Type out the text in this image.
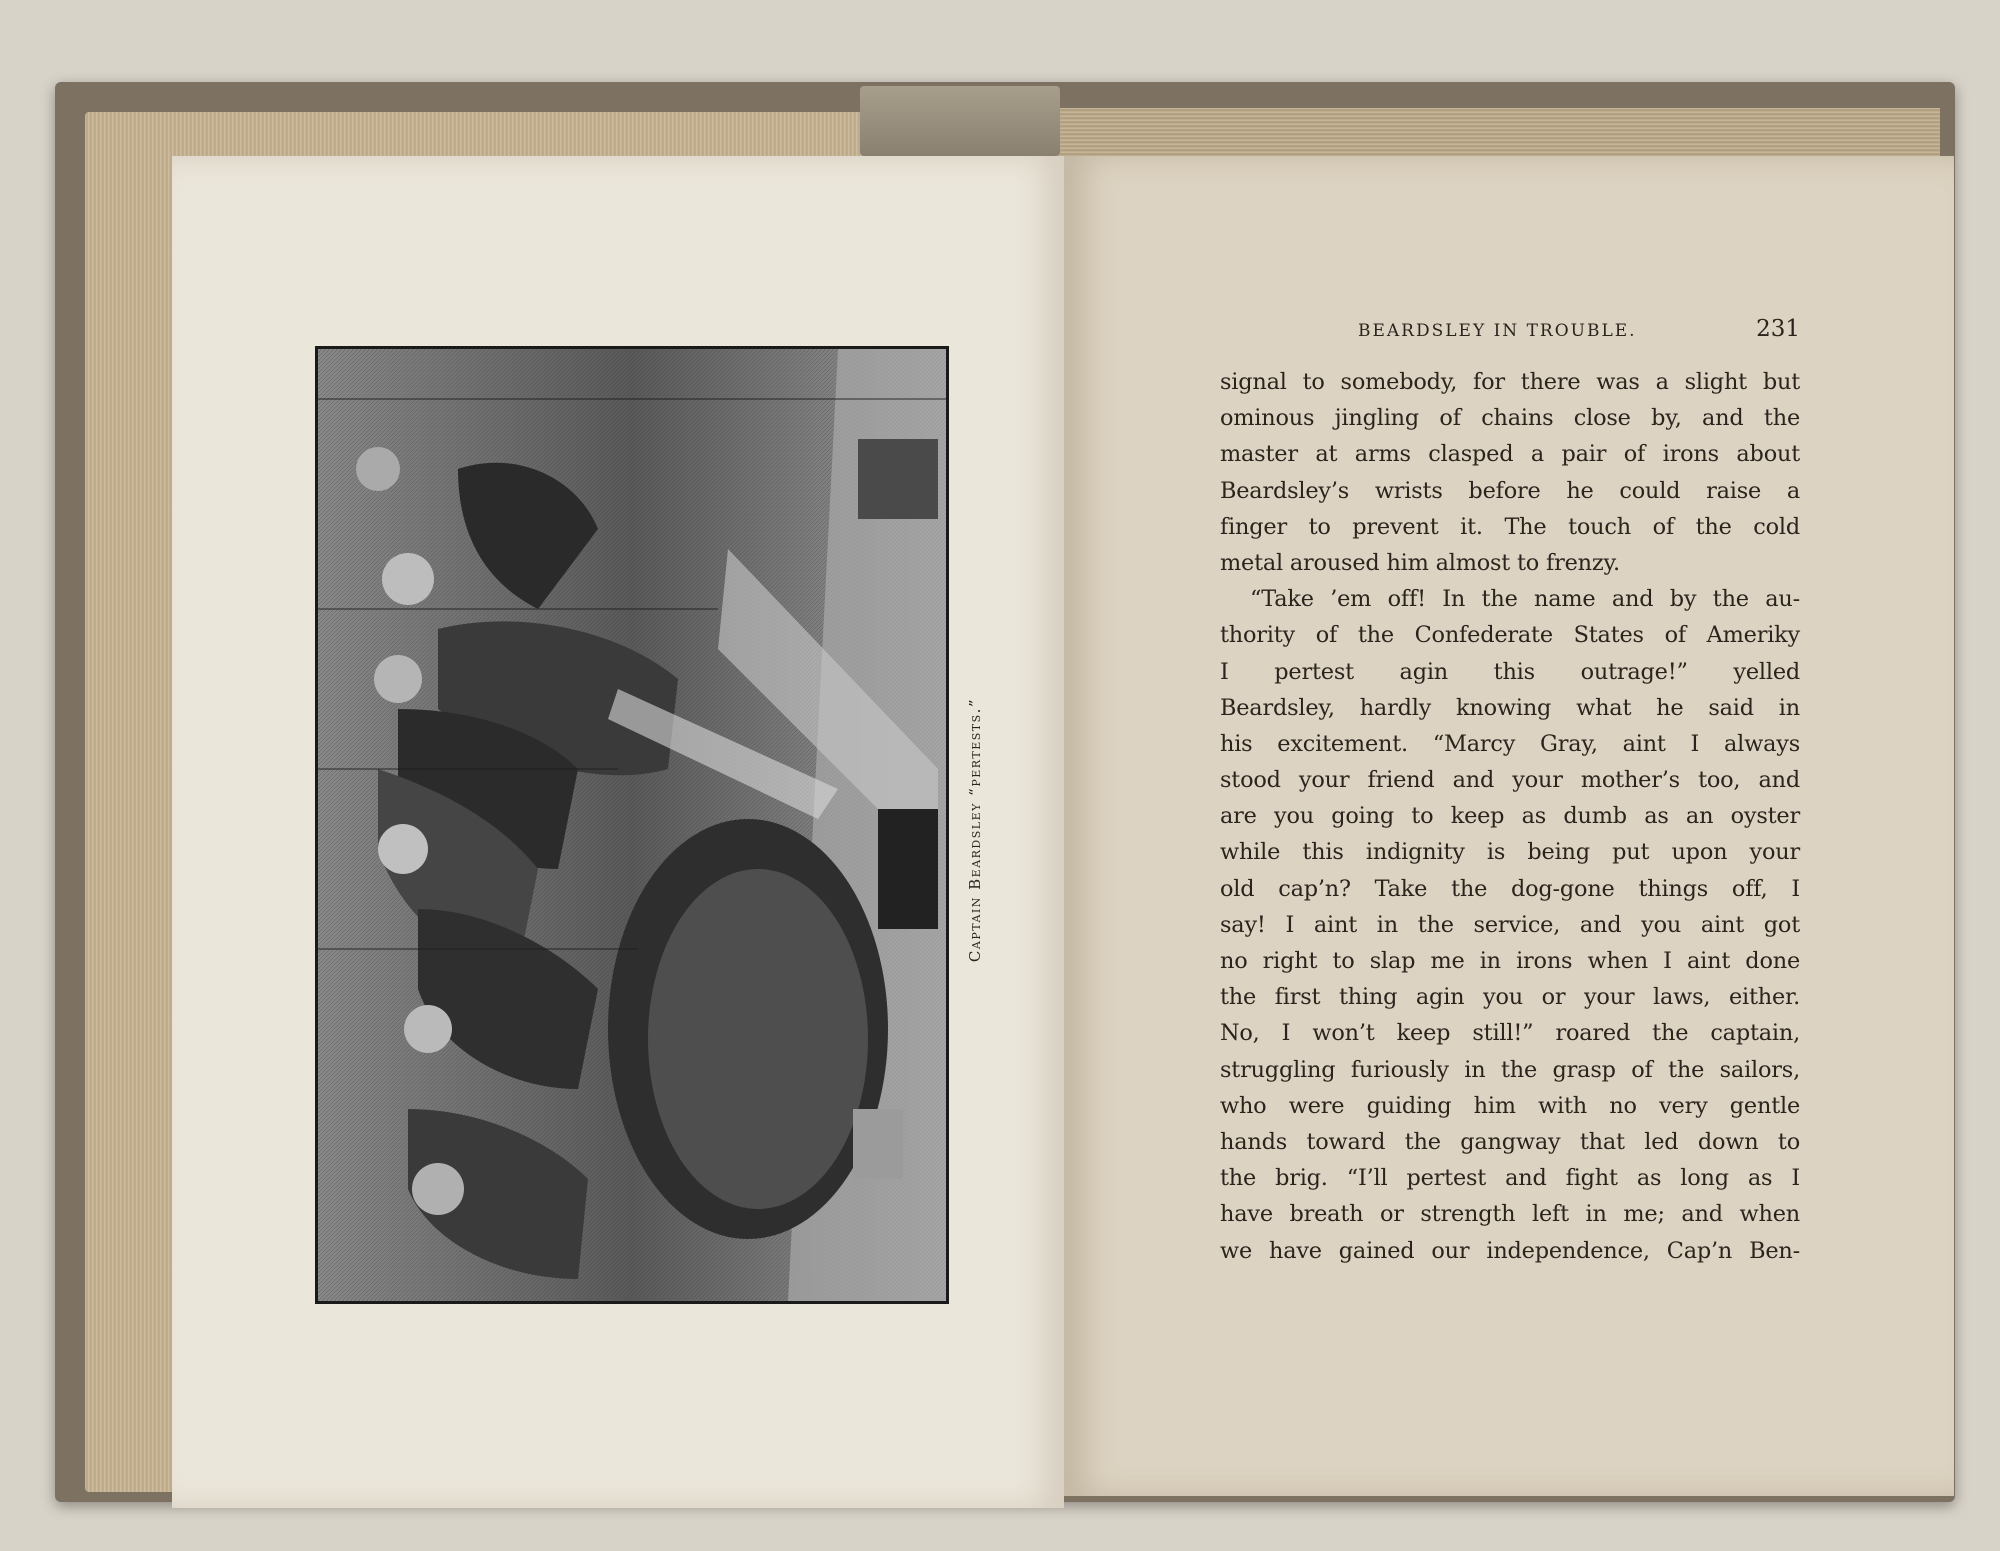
Captain Beardsley “pertests.”
BEARDSLEY IN TROUBLE.	231
signal to somebody, for there was a slight but
ominous jingling of chains close by, and the
master at arms clasped a pair of irons about
Beardsley’s wrists before he could raise a
finger to prevent it. The touch of the cold
metal aroused him almost to frenzy.
“Take ’em off! In the name and by the au-
thority of the Confederate States of Ameriky
I pertest agin this outrage!” yelled
Beardsley, hardly knowing what he said in
his excitement. “Marcy Gray, aint I always
stood your friend and your mother’s too, and
are you going to keep as dumb as an oyster
while this indignity is being put upon your
old cap’n? Take the dog-gone things off, I
say! I aint in the service, and you aint got
no right to slap me in irons when I aint done
the first thing agin you or your laws, either.
No, I won’t keep still!” roared the captain,
struggling furiously in the grasp of the sailors,
who were guiding him with no very gentle
hands toward the gangway that led down to
the brig. “I’ll pertest and fight as long as I
have breath or strength left in me; and when
we have gained our independence, Cap’n Ben-
